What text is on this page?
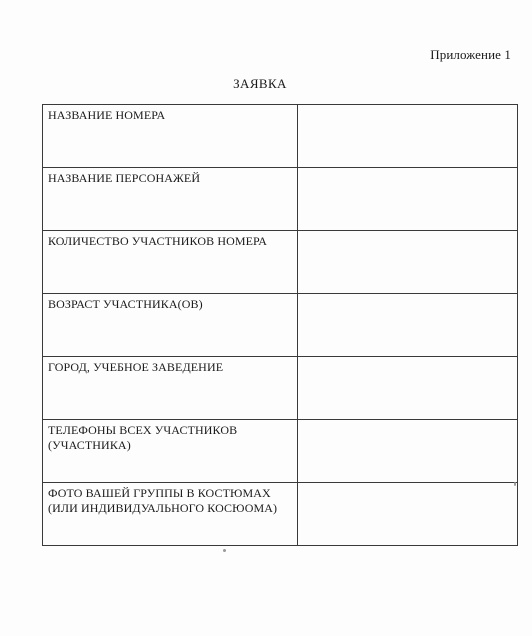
Приложение 1
ЗАЯВКА
НАЗВАНИЕ НОМЕРА	
НАЗВАНИЕ ПЕРСОНАЖЕЙ	
КОЛИЧЕСТВО УЧАСТНИКОВ НОМЕРА	
ВОЗРАСТ УЧАСТНИКА(ОВ)	
ГОРОД, УЧЕБНОЕ ЗАВЕДЕНИЕ	
ТЕЛЕФОНЫ ВСЕХ УЧАСТНИКОВ (УЧАСТНИКА)	
ФОТО ВАШЕЙ ГРУППЫ В КОСТЮМАХ (ИЛИ ИНДИВИДУАЛЬНОГО КОСЮОМА)	
